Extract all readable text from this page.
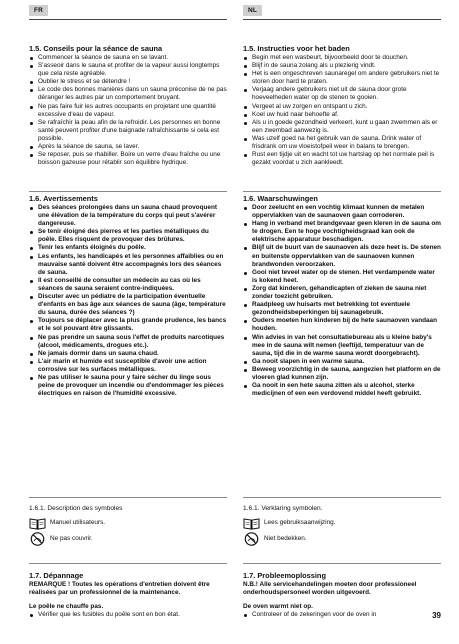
FR	NL
1.5. Conseils pour la séance de sauna
Commencer la séance de sauna en se lavant.
S'asseoir dans le sauna et profiter de la vapeur aussi longtemps que cela reste agréable.
Oublier le stress et se détendre !
Le code des bonnes manières dans un sauna préconise de ne pas déranger les autres par un comportement bruyant.
Ne pas faire fuir les autres occupants en projetant une quantité excessive d'eau de vapeur.
Se rafraîchir la peau afin de la refroidir. Les personnes en bonne santé peuvent profiter d'une baignade rafraîchissante si cela est possible.
Après la séance de sauna, se laver.
Se reposer, puis se rhabiller. Boire un verre d'eau fraîche ou une boisson gazeuse pour rétablir son équilibre hydrique.
1.6. Avertissements
Des séances prolongées dans un sauna chaud provoquent une élévation de la température du corps qui peut s'avérer dangereuse.
Se tenir éloigné des pierres et les parties métalliques du poêle. Elles risquent de provoquer des brûlures.
Tenir les enfants éloignés du poêle.
Les enfants, les handicapés et les personnes affaiblies ou en mauvaise santé doivent être accompagnés lors des séances de sauna.
Il est conseillé de consulter un médecin au cas où les séances de sauna seraient contre-indiquées.
Discuter avec un pédiatre de la participation éventuelle d'enfants en bas âge aux séances de sauna (âge, température du sauna, durée des séances ?)
Toujours se déplacer avec la plus grande prudence, les bancs et le sol pouvant être glissants.
Ne pas prendre un sauna sous l'effet de produits narcotiques (alcool, médicaments, drogues etc.).
Ne jamais dormir dans un sauna chaud.
L'air marin et humide est susceptible d'avoir une action corrosive sur les surfaces métalliques.
Ne pas utiliser le sauna pour y faire sécher du linge sous peine de provoquer un incendie ou d'endommager les pièces électriques en raison de l'humidité excessive.
1.6.1. Description des symboles
Manuel utilisateurs.
Ne pas couvrir.
1.7. Dépannage
REMARQUE ! Toutes les opérations d'entretien doivent être réalisées par un professionnel de la maintenance.
Le poêle ne chauffe pas.
Vérifier que les fusibles du poêle sont en bon état.
1.5. Instructies voor het baden
Begin met een wasbeurt, bijvoorbeeld door te douchen.
Blijf in de sauna zolang als u plezierig vindt.
Het is een ongeschreven saunaregel om andere gebruikers niet te storen door hard te praten.
Verjaag andere gebruikers niet uit de sauna door grote hoeveelheden water op de stenen te gooien.
Vergeet al uw zorgen en ontspant u zich.
Koel uw huid naar behoefte af.
Als u in goede gezondheid verkeert, kunt u gaan zwemmen als er een zwembad aanwezig is.
Was uzelf goed na het gebruik van de sauna. Drink water of frisdrank om uw vloeistofpeil weer in balans te brengen.
Rust een tijdje uit en wacht tot uw hartslag op het normale peil is gezakt voordat u zich aankleedt.
1.6. Waarschuwingen
Door zeelucht en een vochtig klimaat kunnen de metalen oppervlakken van de saunaoven gaan corroderen.
Hang in verband met brandgevaar geen kleren in de sauna om te drogen. Een te hoge vochtigheidsgraad kan ook de elektrische apparatuur beschadigen.
Blijf uit de buurt van de saunaoven als deze heet is. De stenen en buitenste oppervlakken van de saunaoven kunnen brandwonden veroorzaken.
Gooi niet teveel water op de stenen. Het verdampende water is kokend heet.
Zorg dat kinderen, gehandicapten of zieken de sauna niet zonder toezicht gebruiken.
Raadpleeg uw huisarts met betrekking tot eventuele gezondheidsbeperkingen bij saunagebruik.
Ouders moeten hun kinderen bij de hete saunaoven vandaan houden.
Win advies in van het consultatiebureau als u kleine baby's mee in de sauna wilt nemen (leeftijd, temperatuur van de sauna, tijd die in de warme sauna wordt doorgebracht).
Ga nooit slapen in een warme sauna.
Beweeg voorzichtig in de sauna, aangezien het platform en de vloeren glad kunnen zijn.
Ga nooit in een hete sauna zitten als u alcohol, sterke medicijnen of een een verdovend middel heeft gebruikt.
1.6.1. Verklaring symbolen.
Lees gebruiksaanwijzing.
Niet bedekken.
1.7. Probleemoplossing
N.B.! Alle servicehandelingen moeten door professioneel onderhoudspersoneel worden uitgevoerd.
De oven warmt niet op.
Controleer of de zekeringen voor de oven in	39
